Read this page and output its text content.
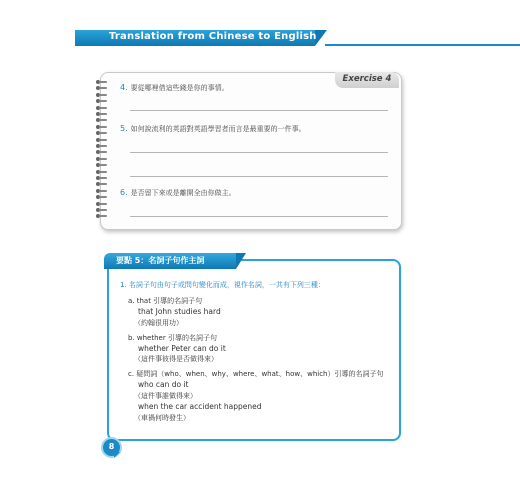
Translation from Chinese to English
Exercise 4
4. 要從哪裡借這些錢是你的事情。
5. 如何說流利的英語對英語學習者而言是最重要的一件事。
6. 是否留下來或是離開全由你做主。
要點 5：名詞子句作主詞
1. 名詞子句由句子或問句變化而成，視作名詞，一共有下列三種：
a. that 引導的名詞子句
that John studies hard
（約翰很用功）
b. whether 引導的名詞子句
whether Peter can do it
（這件事彼得是否做得來）
c. 疑問詞（who、when、why、where、what、how、which）引導的名詞子句
who can do it
（這件事誰做得來）
when the car accident happened
（車禍何時發生）
8
